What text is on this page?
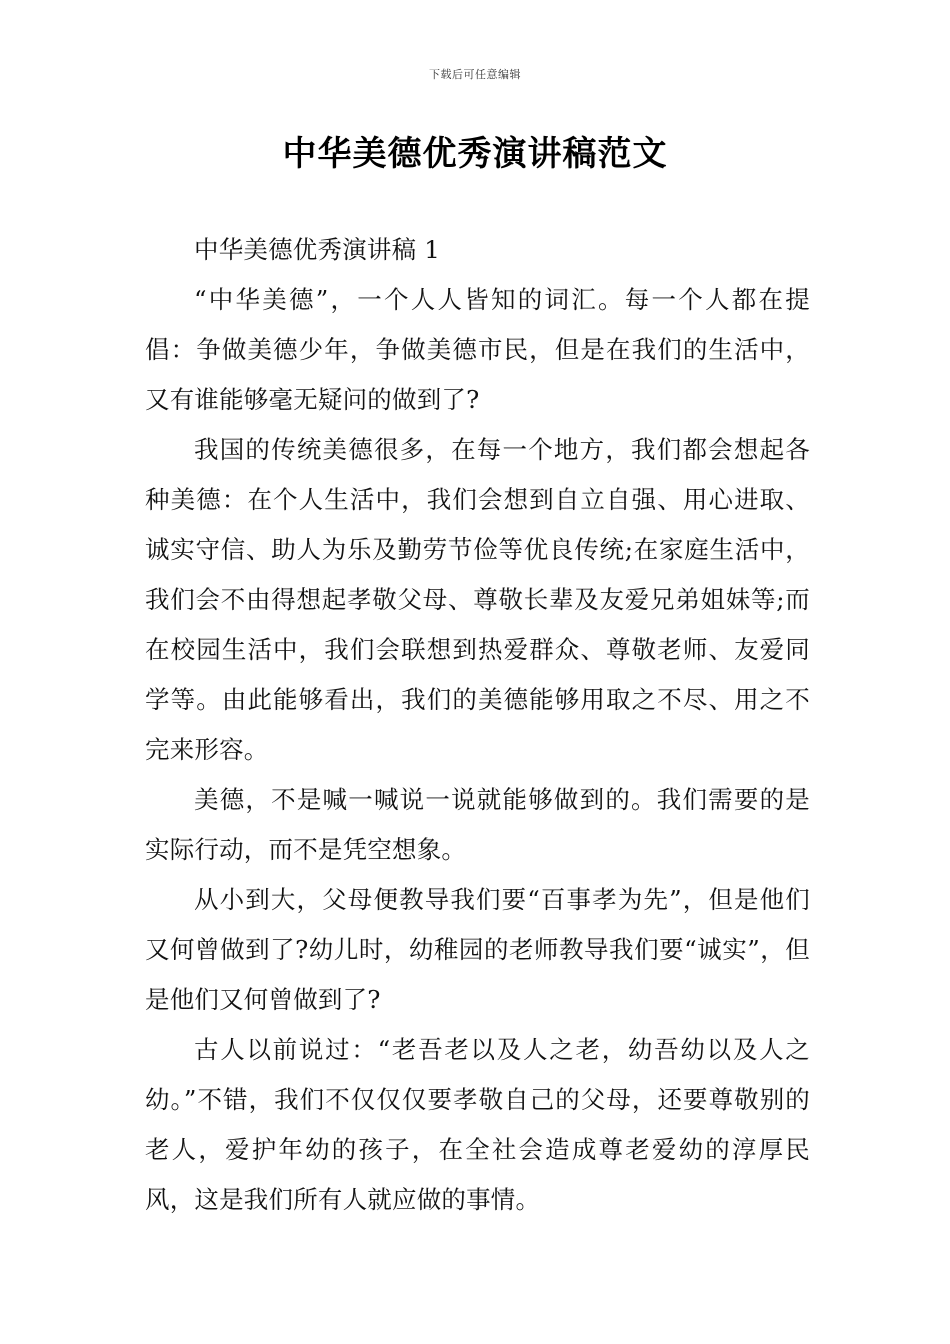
下载后可任意编辑
中华美德优秀演讲稿范文

中华美德优秀演讲稿 1

“中华美德”，一个人人皆知的词汇。每一个人都在提倡：争做美德少年，争做美德市民，但是在我们的生活中，又有谁能够毫无疑问的做到了?

我国的传统美德很多，在每一个地方，我们都会想起各种美德：在个人生活中，我们会想到自立自强、用心进取、诚实守信、助人为乐及勤劳节俭等优良传统;在家庭生活中，我们会不由得想起孝敬父母、尊敬长辈及友爱兄弟姐妹等;而在校园生活中，我们会联想到热爱群众、尊敬老师、友爱同学等。由此能够看出，我们的美德能够用取之不尽、用之不完来形容。

美德，不是喊一喊说一说就能够做到的。我们需要的是实际行动，而不是凭空想象。

从小到大，父母便教导我们要“百事孝为先”，但是他们又何曾做到了?幼儿时，幼稚园的老师教导我们要“诚实”，但是他们又何曾做到了?

古人以前说过：“老吾老以及人之老，幼吾幼以及人之幼。”不错，我们不仅仅仅要孝敬自己的父母，还要尊敬别的老人，爱护年幼的孩子，在全社会造成尊老爱幼的淳厚民风，这是我们所有人就应做的事情。
